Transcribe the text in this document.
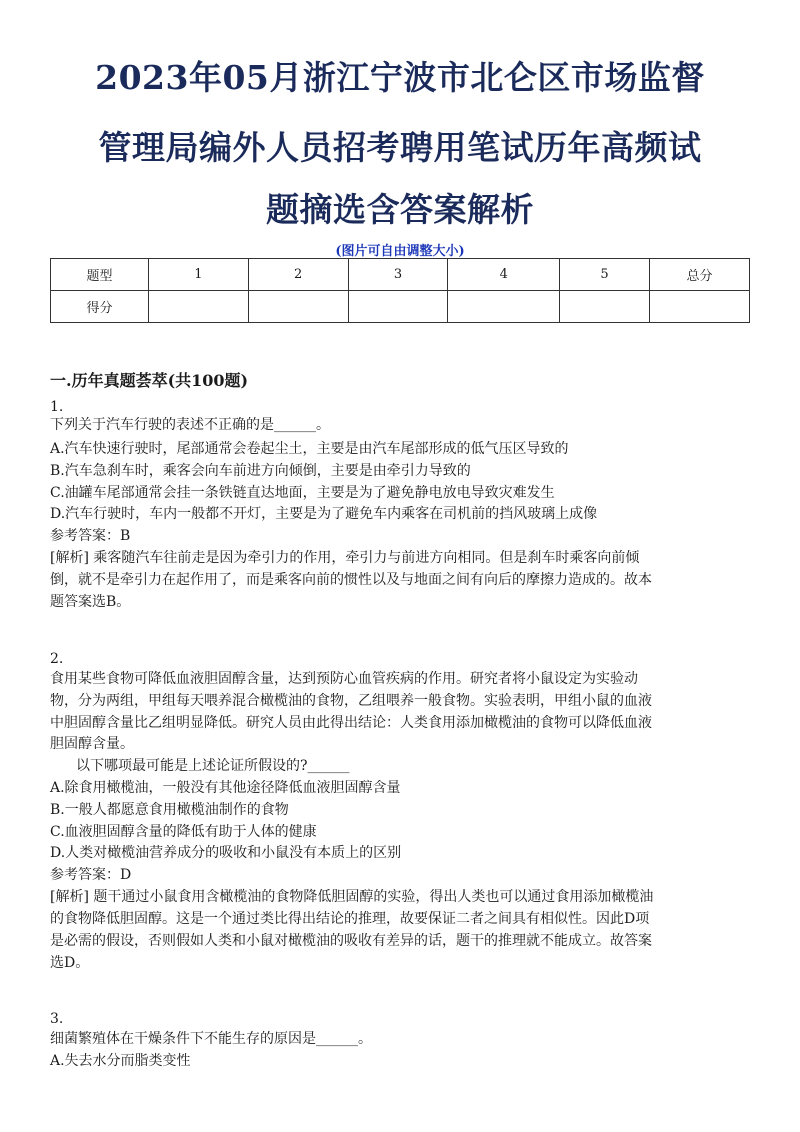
2023年05月浙江宁波市北仑区市场监督
管理局编外人员招考聘用笔试历年高频试
题摘选含答案解析
(图片可自由调整大小)
题型	1	2	3	4	5	总分
得分						
一.历年真题荟萃(共100题)
1.
下列关于汽车行驶的表述不正确的是______。
A.汽车快速行驶时，尾部通常会卷起尘土，主要是由汽车尾部形成的低气压区导致的
B.汽车急刹车时，乘客会向车前进方向倾倒，主要是由牵引力导致的
C.油罐车尾部通常会挂一条铁链直达地面，主要是为了避免静电放电导致灾难发生
D.汽车行驶时，车内一般都不开灯，主要是为了避免车内乘客在司机前的挡风玻璃上成像
参考答案：B
[解析] 乘客随汽车往前走是因为牵引力的作用，牵引力与前进方向相同。但是刹车时乘客向前倾
倒，就不是牵引力在起作用了，而是乘客向前的惯性以及与地面之间有向后的摩擦力造成的。故本
题答案选B。
2.
食用某些食物可降低血液胆固醇含量，达到预防心血管疾病的作用。研究者将小鼠设定为实验动
物，分为两组，甲组每天喂养混合橄榄油的食物，乙组喂养一般食物。实验表明，甲组小鼠的血液
中胆固醇含量比乙组明显降低。研究人员由此得出结论：人类食用添加橄榄油的食物可以降低血液
胆固醇含量。
以下哪项最可能是上述论证所假设的?______
A.除食用橄榄油，一般没有其他途径降低血液胆固醇含量
B.一般人都愿意食用橄榄油制作的食物
C.血液胆固醇含量的降低有助于人体的健康
D.人类对橄榄油营养成分的吸收和小鼠没有本质上的区别
参考答案：D
[解析] 题干通过小鼠食用含橄榄油的食物降低胆固醇的实验，得出人类也可以通过食用添加橄榄油
的食物降低胆固醇。这是一个通过类比得出结论的推理，故要保证二者之间具有相似性。因此D项
是必需的假设，否则假如人类和小鼠对橄榄油的吸收有差异的话，题干的推理就不能成立。故答案
选D。
3.
细菌繁殖体在干燥条件下不能生存的原因是______。
A.失去水分而脂类变性
